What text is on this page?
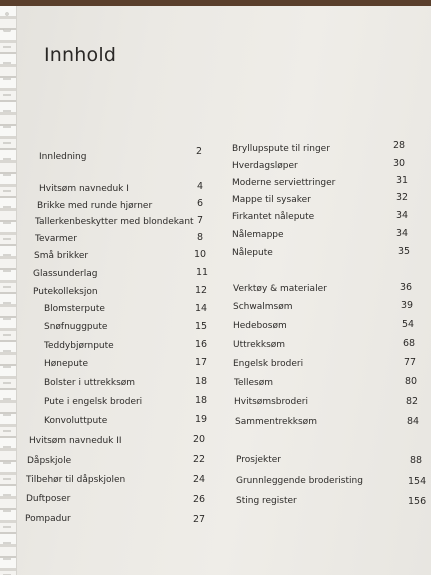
Innhold
Innledning	2
Hvitsøm navneduk I	4
Brikke med runde hjørner	6
Tallerkenbeskytter med blondekant 7
Tevarmer	8
Små brikker	10
Glassunderlag	11
Putekolleksjon	12
Blomsterpute	14
Snøfnuggpute	15
Teddybjørnpute	16
Hønepute	17
Bolster i uttrekksøm	18
Pute i engelsk broderi	18
Konvoluttpute	19
Hvitsøm navneduk II	20
Dåpskjole	22
Tilbehør til dåpskjolen	24
Duftposer	26
Pompadur	27
Bryllupspute til ringer	28
Hverdagsløper	30
Moderne serviettringer	31
Mappe til sysaker	32
Firkantet nålepute	34
Nålemappe	34
Nålepute	35
Verktøy & materialer	36
Schwalmsøm	39
Hedebosøm	54
Uttrekksøm	68
Engelsk broderi	77
Tellesøm	80
Hvitsømsbroderi	82
Sammentrekksøm	84
Prosjekter	88
Grunnleggende broderisting	154
Sting register	156
